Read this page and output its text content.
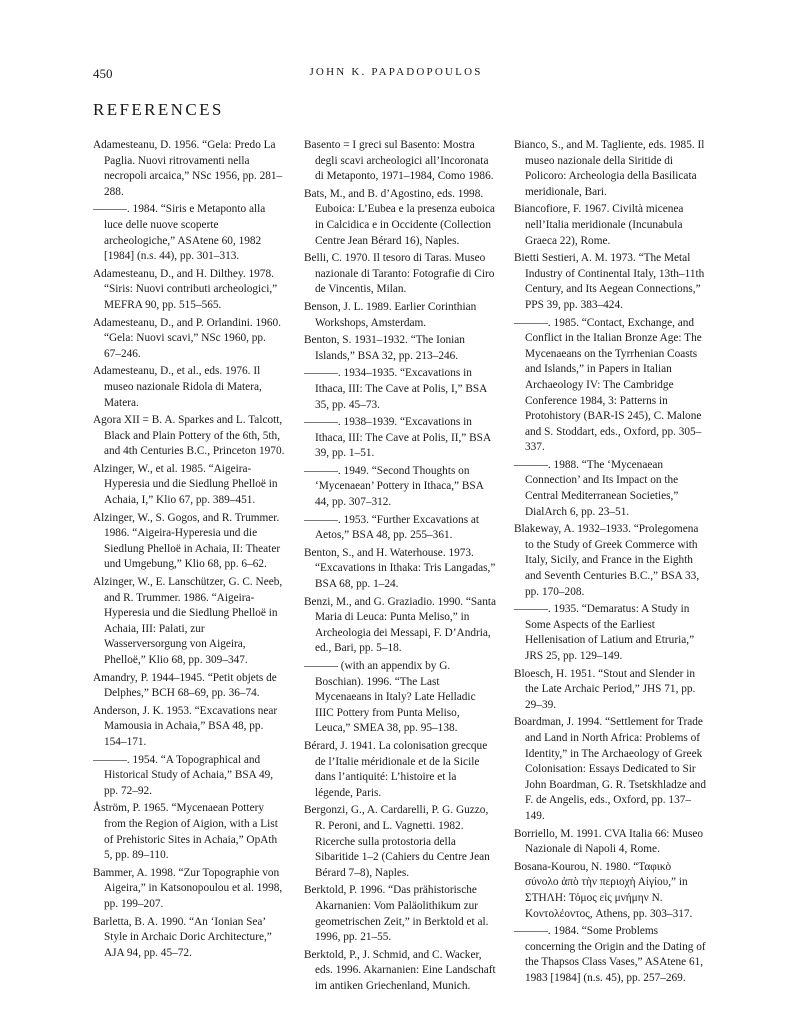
450	JOHN K. PAPADOPOULOS
REFERENCES

Adamesteanu, D. 1956. “Gela: Predo La Paglia. Nuovi ritrovamenti nella necropoli arcaica,” NSc 1956, pp. 281–288.

———. 1984. “Siris e Metaponto alla luce delle nuove scoperte archeologiche,” ASAtene 60, 1982 [1984] (n.s. 44), pp. 301–313.

Adamesteanu, D., and H. Dilthey. 1978. “Siris: Nuovi contributi archeologici,” MEFRA 90, pp. 515–565.

Adamesteanu, D., and P. Orlandini. 1960. “Gela: Nuovi scavi,” NSc 1960, pp. 67–246.

Adamesteanu, D., et al., eds. 1976. Il museo nazionale Ridola di Matera, Matera.

Agora XII = B. A. Sparkes and L. Talcott, Black and Plain Pottery of the 6th, 5th, and 4th Centuries B.C., Princeton 1970.

Alzinger, W., et al. 1985. “Aigeira-Hyperesia und die Siedlung Phelloë in Achaia, I,” Klio 67, pp. 389–451.

Alzinger, W., S. Gogos, and R. Trummer. 1986. “Aigeira-Hyperesia und die Siedlung Phelloë in Achaia, II: Theater und Umgebung,” Klio 68, pp. 6–62.

Alzinger, W., E. Lanschützer, G. C. Neeb, and R. Trummer. 1986. “Aigeira-Hyperesia und die Siedlung Phelloë in Achaia, III: Palati, zur Wasserversorgung von Aigeira, Phelloë,” Klio 68, pp. 309–347.

Amandry, P. 1944–1945. “Petit objets de Delphes,” BCH 68–69, pp. 36–74.

Anderson, J. K. 1953. “Excavations near Mamousia in Achaia,” BSA 48, pp. 154–171.

———. 1954. “A Topographical and Historical Study of Achaia,” BSA 49, pp. 72–92.

Åström, P. 1965. “Mycenaean Pottery from the Region of Aigion, with a List of Prehistoric Sites in Achaia,” OpAth 5, pp. 89–110.

Bammer, A. 1998. “Zur Topographie von Aigeira,” in Katsonopoulou et al. 1998, pp. 199–207.

Barletta, B. A. 1990. “An ‘Ionian Sea’ Style in Archaic Doric Architecture,” AJA 94, pp. 45–72.

Basento = I greci sul Basento: Mostra degli scavi archeologici all’Incoronata di Metaponto, 1971–1984, Como 1986.

Bats, M., and B. d’Agostino, eds. 1998. Euboica: L’Eubea e la presenza euboica in Calcidica e in Occidente (Collection Centre Jean Bérard 16), Naples.

Belli, C. 1970. Il tesoro di Taras. Museo nazionale di Taranto: Fotografie di Ciro de Vincentis, Milan.

Benson, J. L. 1989. Earlier Corinthian Workshops, Amsterdam.

Benton, S. 1931–1932. “The Ionian Islands,” BSA 32, pp. 213–246.

———. 1934–1935. “Excavations in Ithaca, III: The Cave at Polis, I,” BSA 35, pp. 45–73.

———. 1938–1939. “Excavations in Ithaca, III: The Cave at Polis, II,” BSA 39, pp. 1–51.

———. 1949. “Second Thoughts on ‘Mycenaean’ Pottery in Ithaca,” BSA 44, pp. 307–312.

———. 1953. “Further Excavations at Aetos,” BSA 48, pp. 255–361.

Benton, S., and H. Waterhouse. 1973. “Excavations in Ithaka: Tris Langadas,” BSA 68, pp. 1–24.

Benzi, M., and G. Graziadio. 1990. “Santa Maria di Leuca: Punta Meliso,” in Archeologia dei Messapi, F. D’Andria, ed., Bari, pp. 5–18.

——— (with an appendix by G. Boschian). 1996. “The Last Mycenaeans in Italy? Late Helladic IIIC Pottery from Punta Meliso, Leuca,” SMEA 38, pp. 95–138.

Bérard, J. 1941. La colonisation grecque de l’Italie méridionale et de la Sicile dans l’antiquité: L’histoire et la légende, Paris.

Bergonzi, G., A. Cardarelli, P. G. Guzzo, R. Peroni, and L. Vagnetti. 1982. Ricerche sulla protostoria della Sibaritide 1–2 (Cahiers du Centre Jean Bérard 7–8), Naples.

Berktold, P. 1996. “Das prähistorische Akarnanien: Vom Paläolithikum zur geometrischen Zeit,” in Berktold et al. 1996, pp. 21–55.

Berktold, P., J. Schmid, and C. Wacker, eds. 1996. Akarnanien: Eine Landschaft im antiken Griechenland, Munich.

Bianco, S., and M. Tagliente, eds. 1985. Il museo nazionale della Siritide di Policoro: Archeologia della Basilicata meridionale, Bari.

Biancofiore, F. 1967. Civiltà micenea nell’Italia meridionale (Incunabula Graeca 22), Rome.

Bietti Sestieri, A. M. 1973. “The Metal Industry of Continental Italy, 13th–11th Century, and Its Aegean Connections,” PPS 39, pp. 383–424.

———. 1985. “Contact, Exchange, and Conflict in the Italian Bronze Age: The Mycenaeans on the Tyrrhenian Coasts and Islands,” in Papers in Italian Archaeology IV: The Cambridge Conference 1984, 3: Patterns in Protohistory (BAR-IS 245), C. Malone and S. Stoddart, eds., Oxford, pp. 305–337.

———. 1988. “The ‘Mycenaean Connection’ and Its Impact on the Central Mediterranean Societies,” DialArch 6, pp. 23–51.

Blakeway, A. 1932–1933. “Prolegomena to the Study of Greek Commerce with Italy, Sicily, and France in the Eighth and Seventh Centuries B.C.,” BSA 33, pp. 170–208.

———. 1935. “Demaratus: A Study in Some Aspects of the Earliest Hellenisation of Latium and Etruria,” JRS 25, pp. 129–149.

Bloesch, H. 1951. “Stout and Slender in the Late Archaic Period,” JHS 71, pp. 29–39.

Boardman, J. 1994. “Settlement for Trade and Land in North Africa: Problems of Identity,” in The Archaeology of Greek Colonisation: Essays Dedicated to Sir John Boardman, G. R. Tsetskhladze and F. de Angelis, eds., Oxford, pp. 137–149.

Borriello, M. 1991. CVA Italia 66: Museo Nazionale di Napoli 4, Rome.

Bosana-Kourou, N. 1980. “Ταφικὸ σύνολο ἀπὸ τὴν περιοχὴ Αἰγίου,” in ΣΤΗΛΗ: Τόμος εἰς μνήμην Ν. Κοντολέοντος, Athens, pp. 303–317.

———. 1984. “Some Problems concerning the Origin and the Dating of the Thapsos Class Vases,” ASAtene 61, 1983 [1984] (n.s. 45), pp. 257–269.
